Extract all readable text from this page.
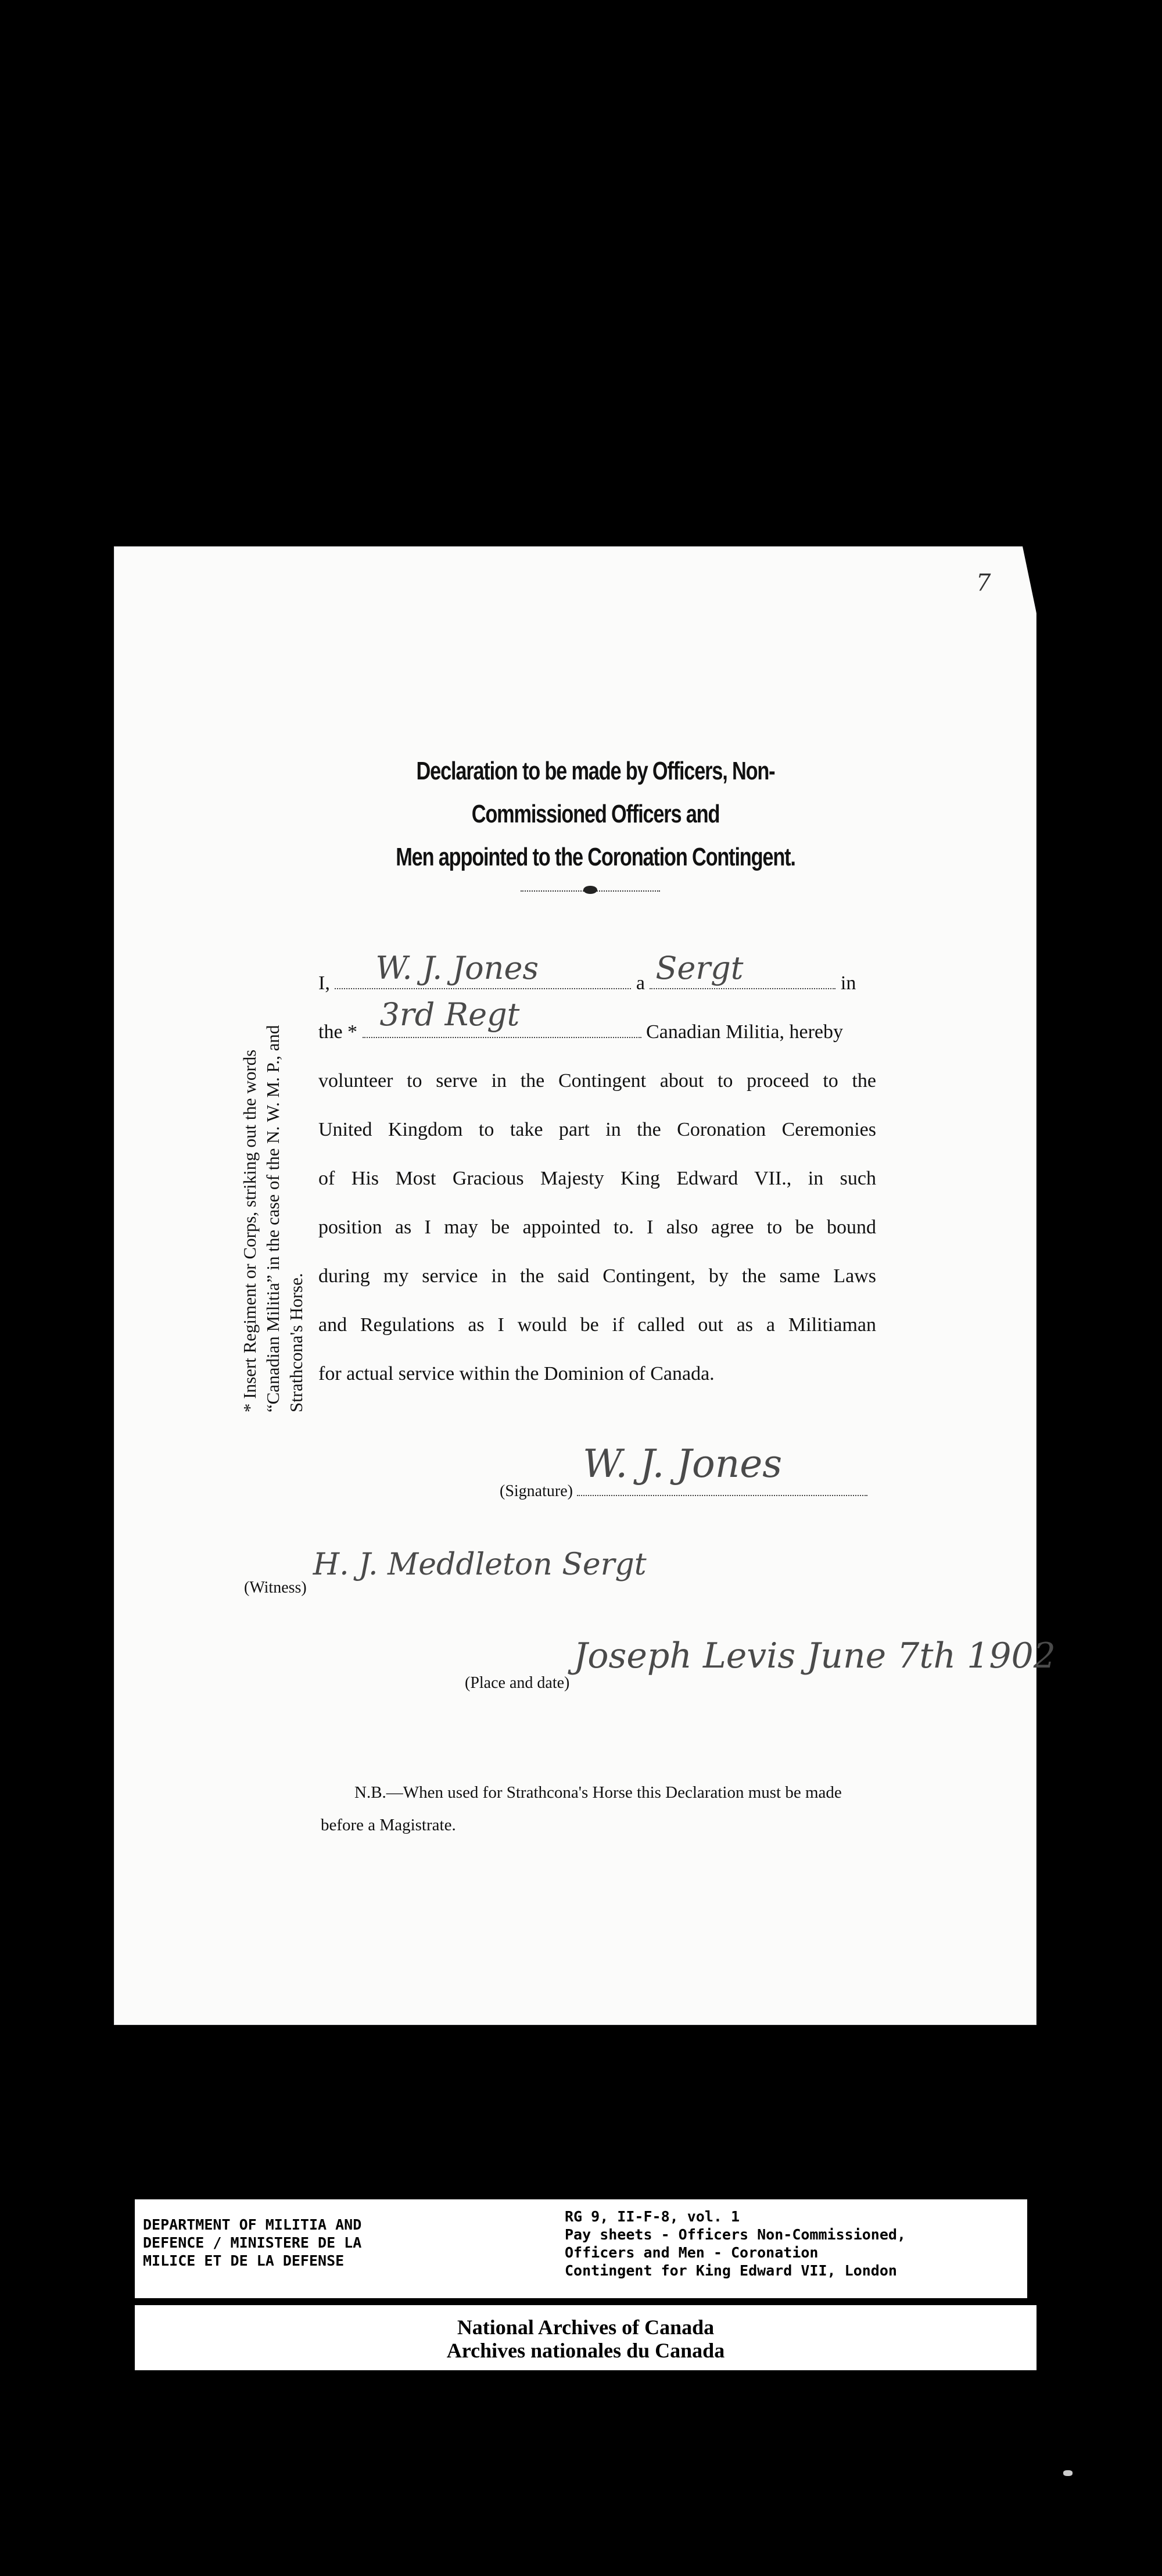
7
Declaration to be made by Officers, Non-Commissioned Officers and
Men appointed to the Coronation Contingent.
* Insert Regiment or Corps, striking out the words “Canadian Militia” in the case of the N. W. M. P., and Strathcona's Horse.
I, W. J. Jones	a Sergt	in
the * 3rd Regt	Canadian Militia, hereby
volunteer to serve in the Contingent about to proceed to the
United Kingdom to take part in the Coronation Ceremonies
of His Most Gracious Majesty King Edward VII., in such
position as I may be appointed to. I also agree to be bound
during my service in the said Contingent, by the same Laws
and Regulations as I would be if called out as a Militiaman
for actual service within the Dominion of Canada.
(Signature)
W. J. Jones
(Witness)
H. J. Meddleton Sergt
(Place and date)
Joseph Levis June 7th 1902
N.B.—When used for Strathcona's Horse this Declaration must be made
before a Magistrate.
DEPARTMENT OF MILITIA AND
DEFENCE / MINISTERE DE LA
MILICE ET DE LA DEFENSE
RG 9, II-F-8, vol. 1
Pay sheets - Officers Non-Commissioned,
Officers and Men - Coronation
Contingent for King Edward VII, London
National Archives of Canada
Archives nationales du Canada
